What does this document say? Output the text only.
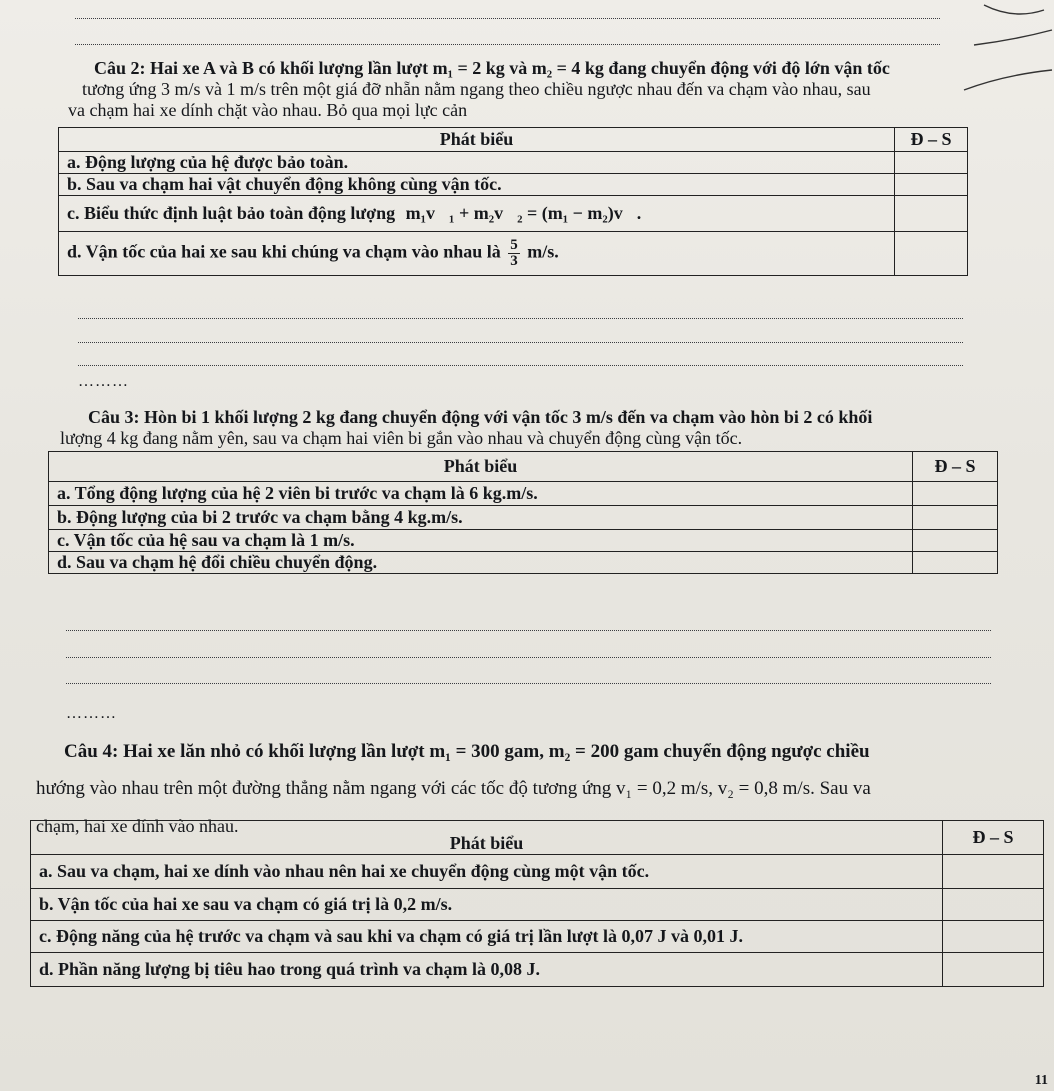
Câu 2: Hai xe A và B có khối lượng lần lượt m₁ = 2 kg và m₂ = 4 kg đang chuyển động với độ lớn vận tốc
tương ứng 3 m/s và 1 m/s trên một giá đỡ nhẵn nằm ngang theo chiều ngược nhau đến va chạm vào nhau, sau
va chạm hai xe dính chặt vào nhau. Bỏ qua mọi lực cản
Phát biểu	Đ – S
a. Động lượng của hệ được bảo toàn.	
b. Sau va chạm hai vật chuyển động không cùng vận tốc.	
c. Biểu thức định luật bảo toàn động lượng m₁v⃗₁ + m₂v⃗₂ = (m₁ − m₂)v⃗.	
d. Vận tốc của hai xe sau khi chúng va chạm vào nhau là $\frac{5}{3} m/s$.	
………
Câu 3: Hòn bi 1 khối lượng 2 kg đang chuyển động với vận tốc 3 m/s đến va chạm vào hòn bi 2 có khối
lượng 4 kg đang nằm yên, sau va chạm hai viên bi gắn vào nhau và chuyển động cùng vận tốc.
Phát biểu	Đ – S
a. Tổng động lượng của hệ 2 viên bi trước va chạm là 6 kg.m/s.	
b. Động lượng của bi 2 trước va chạm bằng 4 kg.m/s.	
c. Vận tốc của hệ sau va chạm là 1 m/s.	
d. Sau va chạm hệ đổi chiều chuyển động.	
………
Câu 4: Hai xe lăn nhỏ có khối lượng lần lượt m₁ = 300 gam, m₂ = 200 gam chuyển động ngược chiều
hướng vào nhau trên một đường thẳng nằm ngang với các tốc độ tương ứng v₁ = 0,2 m/s, v₂ = 0,8 m/s. Sau va
chạm, hai xe dính vào nhau.
Phát biểu	Đ – S
a. Sau va chạm, hai xe dính vào nhau nên hai xe chuyển động cùng một vận tốc.	
b. Vận tốc của hai xe sau va chạm có giá trị là 0,2 m/s.	
c. Động năng của hệ trước va chạm và sau khi va chạm có giá trị lần lượt là 0,07 J và 0,01 J.	
d. Phần năng lượng bị tiêu hao trong quá trình va chạm là 0,08 J.	
11
